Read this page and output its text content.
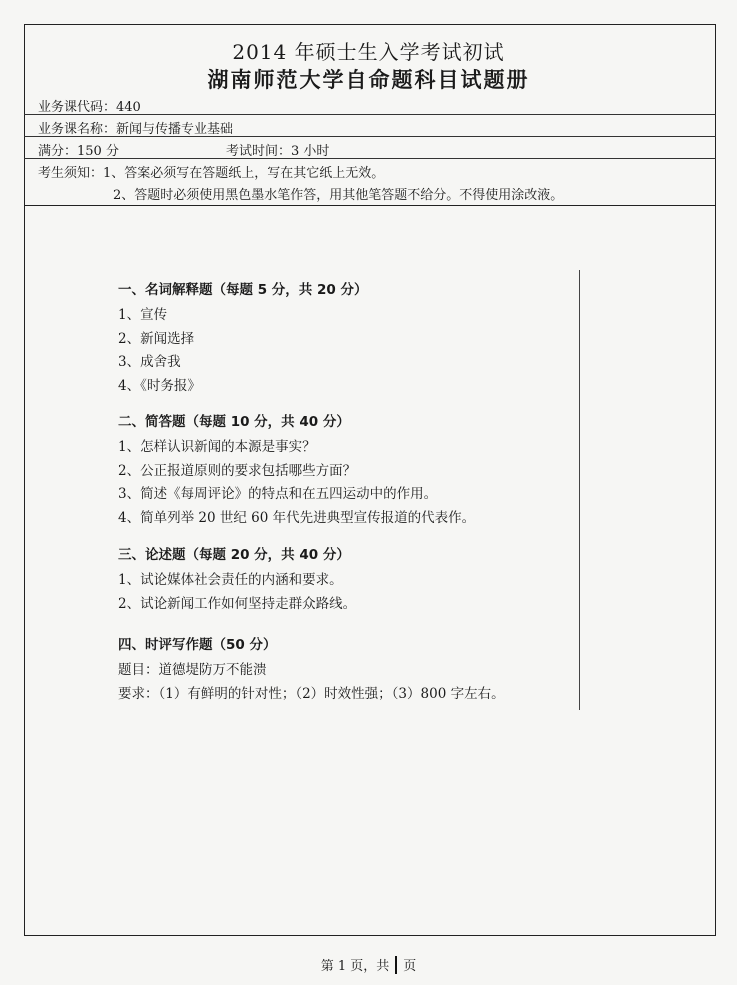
2014 年硕士生入学考试初试
湖南师范大学自命题科目试题册
业务课代码：440
业务课名称：新闻与传播专业基础
满分：150 分	考试时间：3 小时
考生须知：1、答案必须写在答题纸上，写在其它纸上无效。
2、答题时必须使用黑色墨水笔作答，用其他笔答题不给分。不得使用涂改液。
一、名词解释题（每题 5 分，共 20 分）
1、宣传
2、新闻选择
3、成舍我
4、《时务报》
二、简答题（每题 10 分，共 40 分）
1、怎样认识新闻的本源是事实？
2、公正报道原则的要求包括哪些方面？
3、简述《每周评论》的特点和在五四运动中的作用。
4、简单列举 20 世纪 60 年代先进典型宣传报道的代表作。
三、论述题（每题 20 分，共 40 分）
1、试论媒体社会责任的内涵和要求。
2、试论新闻工作如何坚持走群众路线。
四、时评写作题（50 分）
题目：道德堤防万不能溃
要求：（1）有鲜明的针对性；（2）时效性强；（3）800 字左右。
第 1 页，共 页
